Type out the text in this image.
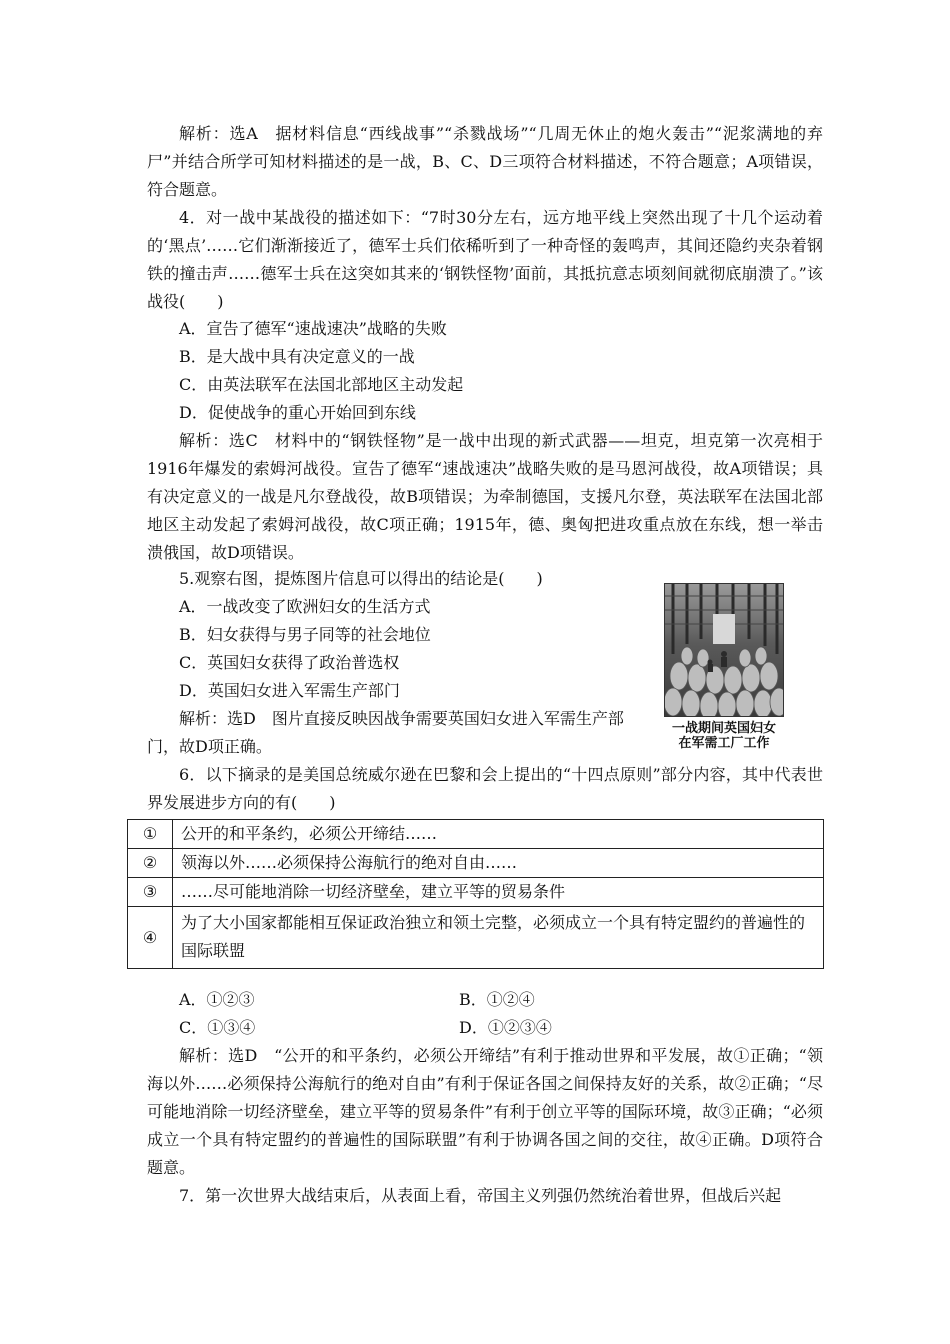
解析：选A　据材料信息“西线战事”“杀戮战场”“几周无休止的炮火轰击”“泥浆满地的弃尸”并结合所学可知材料描述的是一战，B、C、D三项符合材料描述，不符合题意；A项错误，符合题意。

4．对一战中某战役的描述如下：“7时30分左右，远方地平线上突然出现了十几个运动着的‘黑点’……它们渐渐接近了，德军士兵们依稀听到了一种奇怪的轰鸣声，其间还隐约夹杂着钢铁的撞击声……德军士兵在这突如其来的‘钢铁怪物’面前，其抵抗意志顷刻间就彻底崩溃了。”该战役(　　)

A．宣告了德军“速战速决”战略的失败

B．是大战中具有决定意义的一战

C．由英法联军在法国北部地区主动发起

D．促使战争的重心开始回到东线

解析：选C　材料中的“钢铁怪物”是一战中出现的新式武器——坦克，坦克第一次亮相于1916年爆发的索姆河战役。宣告了德军“速战速决”战略失败的是马恩河战役，故A项错误；具有决定意义的一战是凡尔登战役，故B项错误；为牵制德国，支援凡尔登，英法联军在法国北部地区主动发起了索姆河战役，故C项正确；1915年，德、奥匈把进攻重点放在东线，想一举击溃俄国，故D项错误。

5.观察右图，提炼图片信息可以得出的结论是(　　)

A．一战改变了欧洲妇女的生活方式

B．妇女获得与男子同等的社会地位

C．英国妇女获得了政治普选权

D．英国妇女进入军需生产部门

解析：选D　图片直接反映因战争需要英国妇女进入军需生产部

门，故D项正确。

一战期间英国妇女
在军需工厂工作

6．以下摘录的是美国总统威尔逊在巴黎和会上提出的“十四点原则”部分内容，其中代表世界发展进步方向的有(　　)

①	公开的和平条约，必须公开缔结……
②	领海以外……必须保持公海航行的绝对自由……
③	……尽可能地消除一切经济壁垒，建立平等的贸易条件
④	为了大小国家都能相互保证政治独立和领土完整，必须成立一个具有特定盟约的普遍性的国际联盟

A．①②③	B．①②④

C．①③④	D．①②③④

解析：选D　“公开的和平条约，必须公开缔结”有利于推动世界和平发展，故①正确；“领海以外……必须保持公海航行的绝对自由”有利于保证各国之间保持友好的关系，故②正确；“尽可能地消除一切经济壁垒，建立平等的贸易条件”有利于创立平等的国际环境，故③正确；“必须成立一个具有特定盟约的普遍性的国际联盟”有利于协调各国之间的交往，故④正确。D项符合题意。

7．第一次世界大战结束后，从表面上看，帝国主义列强仍然统治着世界，但战后兴起
